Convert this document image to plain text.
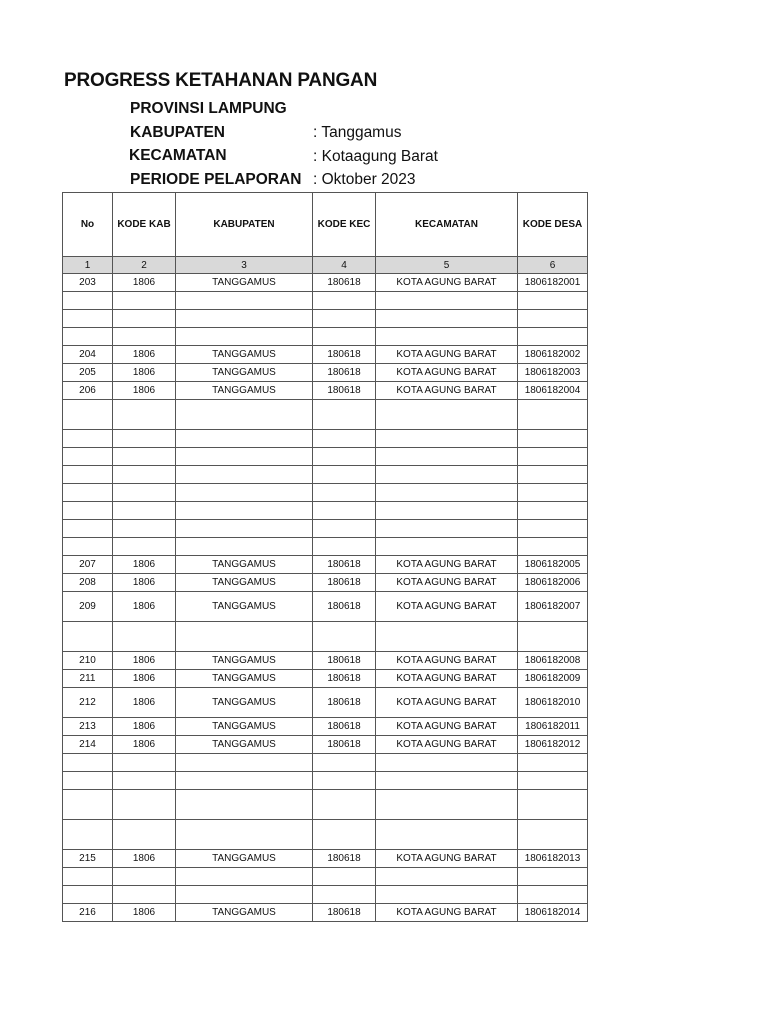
PROGRESS KETAHANAN PANGAN
PROVINSI LAMPUNG
KABUPATEN	: Tanggamus
KECAMATAN	: Kotaagung Barat
PERIODE PELAPORAN : Oktober 2023
No	KODE KAB	KABUPATEN	KODE KEC	KECAMATAN	KODE DESA
1	2	3	4	5	6
203	1806	TANGGAMUS	180618	KOTA AGUNG BARAT	1806182001

204	1806	TANGGAMUS	180618	KOTA AGUNG BARAT	1806182002
205	1806	TANGGAMUS	180618	KOTA AGUNG BARAT	1806182003
206	1806	TANGGAMUS	180618	KOTA AGUNG BARAT	1806182004

207	1806	TANGGAMUS	180618	KOTA AGUNG BARAT	1806182005
208	1806	TANGGAMUS	180618	KOTA AGUNG BARAT	1806182006
209	1806	TANGGAMUS	180618	KOTA AGUNG BARAT	1806182007

210	1806	TANGGAMUS	180618	KOTA AGUNG BARAT	1806182008
211	1806	TANGGAMUS	180618	KOTA AGUNG BARAT	1806182009
212	1806	TANGGAMUS	180618	KOTA AGUNG BARAT	1806182010
213	1806	TANGGAMUS	180618	KOTA AGUNG BARAT	1806182011
214	1806	TANGGAMUS	180618	KOTA AGUNG BARAT	1806182012

215	1806	TANGGAMUS	180618	KOTA AGUNG BARAT	1806182013

216	1806	TANGGAMUS	180618	KOTA AGUNG BARAT	1806182014
